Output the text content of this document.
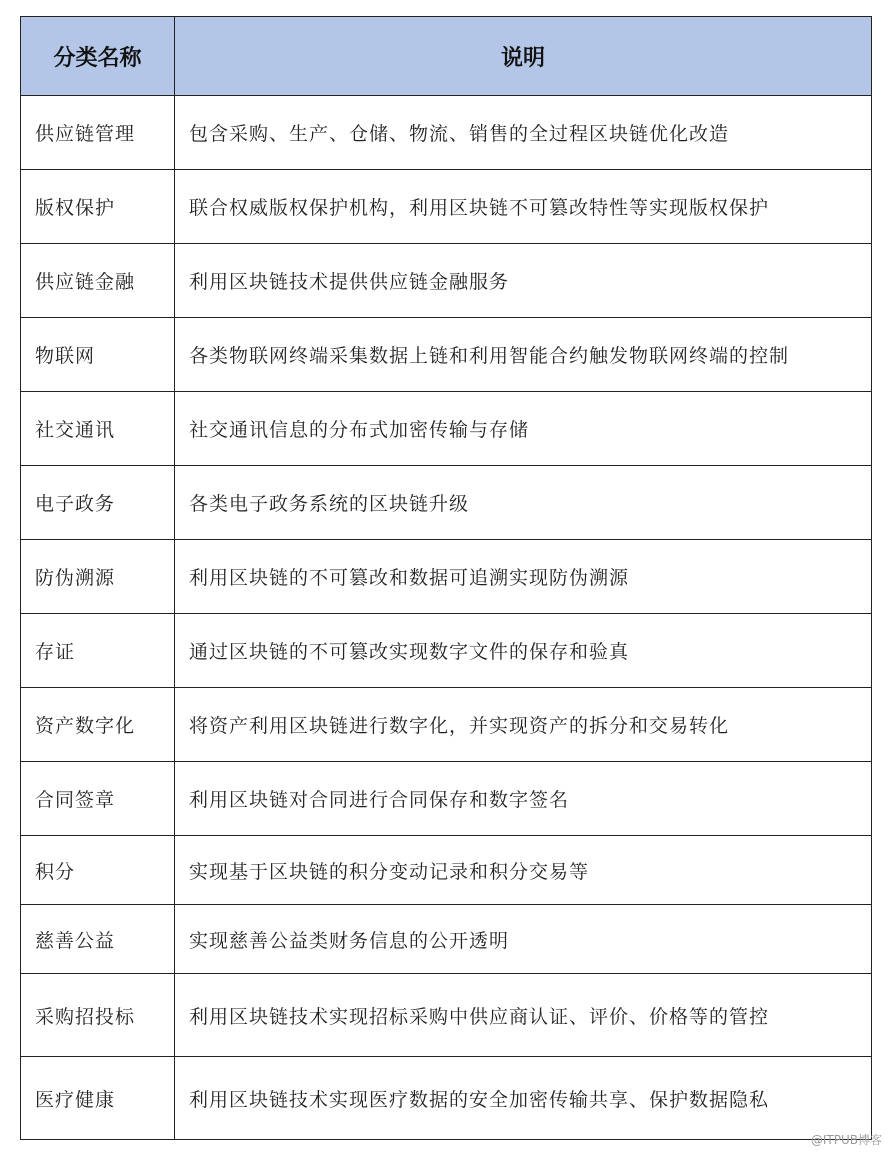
分类名称	说明
供应链管理	包含采购、生产、仓储、物流、销售的全过程区块链优化改造
版权保护	联合权威版权保护机构，利用区块链不可篡改特性等实现版权保护
供应链金融	利用区块链技术提供供应链金融服务
物联网	各类物联网终端采集数据上链和利用智能合约触发物联网终端的控制
社交通讯	社交通讯信息的分布式加密传输与存储
电子政务	各类电子政务系统的区块链升级
防伪溯源	利用区块链的不可篡改和数据可追溯实现防伪溯源
存证	通过区块链的不可篡改实现数字文件的保存和验真
资产数字化	将资产利用区块链进行数字化，并实现资产的拆分和交易转化
合同签章	利用区块链对合同进行合同保存和数字签名
积分	实现基于区块链的积分变动记录和积分交易等
慈善公益	实现慈善公益类财务信息的公开透明
采购招投标	利用区块链技术实现招标采购中供应商认证、评价、价格等的管控
医疗健康	利用区块链技术实现医疗数据的安全加密传输共享、保护数据隐私
@ITPUB博客
